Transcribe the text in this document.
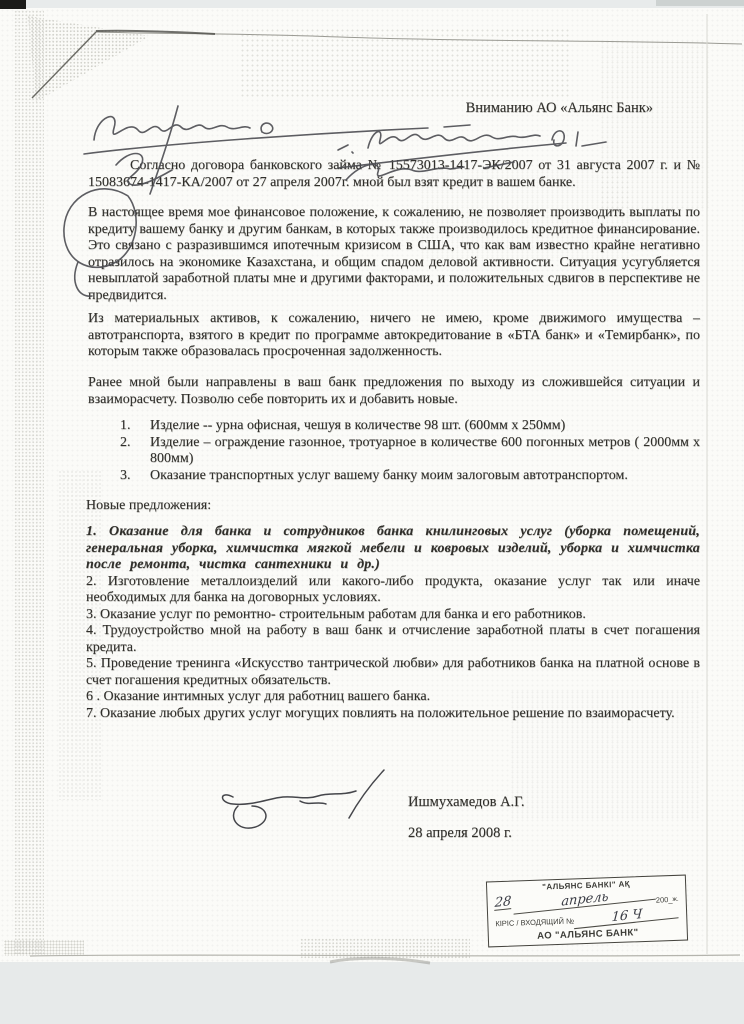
Вниманию АО «Альянс Банк»
Согласно договора банковского займа № 15573013-1417-ЭК/2007 от 31 августа 2007 г. и № 15083674-1417-КА/2007 от 27 апреля 2007г. мной был взят кредит в вашем банке.
В настоящее время мое финансовое положение, к сожалению, не позволяет производить выплаты по кредиту вашему банку и другим банкам, в которых также производилось кредитное финансирование. Это связано с разразившимся ипотечным кризисом в США, что как вам известно крайне негативно отразилось на экономике Казахстана, и общим спадом деловой активности. Ситуация усугубляется невыплатой заработной платы мне и другими факторами, и положительных сдвигов в перспективе не предвидится.
Из материальных активов, к сожалению, ничего не имею, кроме движимого имущества – автотранспорта, взятого в кредит по программе автокредитование в «БТА банк» и «Темирбанк», по которым также образовалась просроченная задолженность.
Ранее мной были направлены в ваш банк предложения по выходу из сложившейся ситуации и взаиморасчету. Позволю себе повторить их и добавить новые.
1.	Изделие -- урна офисная, чешуя в количестве 98 шт. (600мм х 250мм)
2.	Изделие – ограждение газонное, тротуарное в количестве 600 погонных метров ( 2000мм х 800мм)
3.	Оказание транспортных услуг вашему банку моим залоговым автотранспортом.
Новые предложения:

1. Оказание для банка и сотрудников банка книлинговых услуг (уборка помещений, генеральная уборка, химчистка мягкой мебели и ковровых изделий, уборка и химчистка после ремонта, чистка сантехники и др.)

2. Изготовление металлоизделий или какого-либо продукта, оказание услуг так или иначе необходимых для банка на договорных условиях.

3. Оказание услуг по ремонтно- строительным работам для банка и его работников.

4. Трудоустройство мной на работу в ваш банк и отчисление заработной платы в счет погашения кредита.

5. Проведение тренинга «Искусство тантрической любви» для работников банка на платной основе в счет погашения кредитных обязательств.

6 . Оказание интимных услуг для работниц вашего банка.

7. Оказание любых других услуг могущих повлиять на положительное решение по взаиморасчету.

Ишмухамедов А.Г.
28 апреля 2008 г.
"АЛЬЯНС БАНКІ" АҚ
28
	апрель	200_ ж.
КІРІС / ВХОДЯЩИЙ №	16 Ч
АО "АЛЬЯНС БАНК"
